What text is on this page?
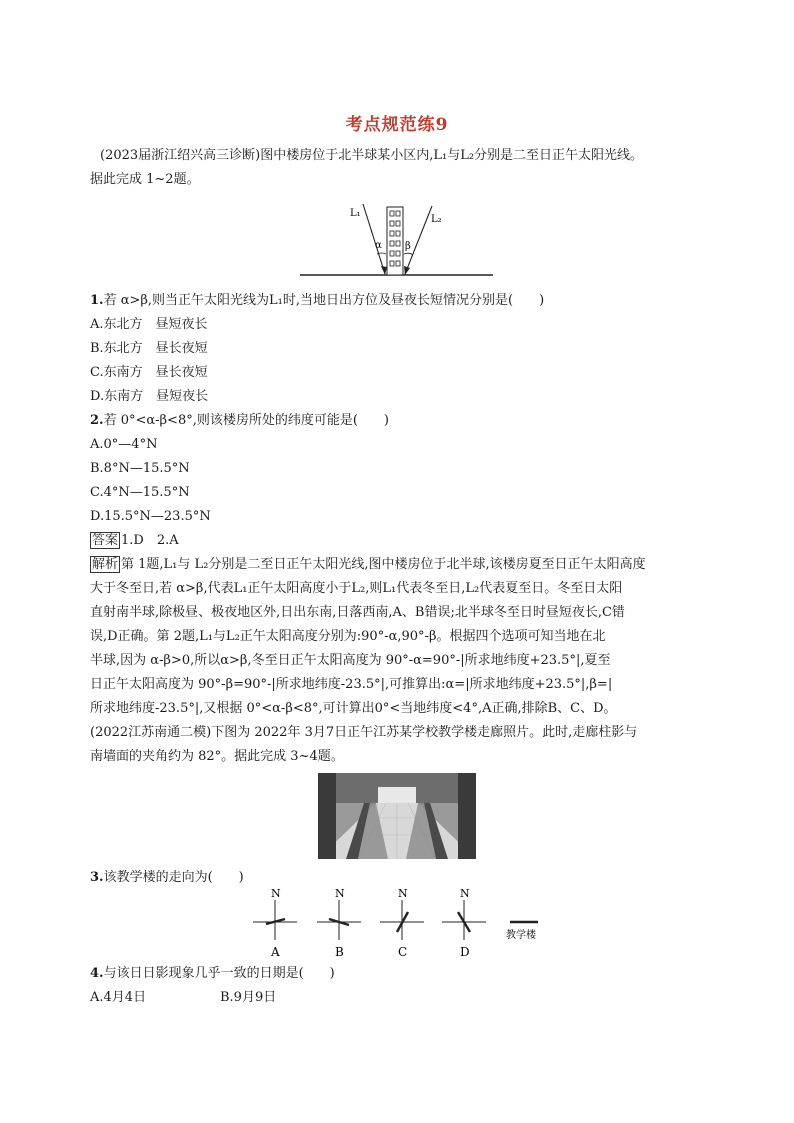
考点规范练9
(2023届浙江绍兴高三诊断)图中楼房位于北半球某小区内,L₁与L₂分别是二至日正午太阳光线。
据此完成 1~2题。
L₁
L₂
α β
1.若 α>β,则当正午太阳光线为L₁时,当地日出方位及昼夜长短情况分别是(　　)
A.东北方　昼短夜长
B.东北方　昼长夜短
C.东南方　昼长夜短
D.东南方　昼短夜长
2.若 0°<α-β<8°,则该楼房所处的纬度可能是(　　)
A.0°—4°N
B.8°N—15.5°N
C.4°N—15.5°N
D.15.5°N—23.5°N
答案 1.D　2.A
解析 第 1题,L₁与 L₂分别是二至日正午太阳光线,图中楼房位于北半球,该楼房夏至日正午太阳高度
大于冬至日,若 α>β,代表L₁正午太阳高度小于L₂,则L₁代表冬至日,L₂代表夏至日。冬至日太阳
直射南半球,除极昼、极夜地区外,日出东南,日落西南,A、B错误;北半球冬至日时昼短夜长,C错
误,D正确。第 2题,L₁与L₂正午太阳高度分别为:90°-α,90°-β。根据四个选项可知当地在北
半球,因为 α-β>0,所以α>β,冬至日正午太阳高度为 90°-α=90°-|所求地纬度+23.5°|,夏至
日正午太阳高度为 90°-β=90°-|所求地纬度-23.5°|,可推算出:α=|所求地纬度+23.5°|,β=|
所求地纬度-23.5°|,又根据 0°<α-β<8°,可计算出0°<当地纬度<4°,A正确,排除B、C、D。
(2022江苏南通二模)下图为 2022年 3月7日正午江苏某学校教学楼走廊照片。此时,走廊柱影与
南墙面的夹角约为 82°。据此完成 3~4题。
3.该教学楼的走向为(　　)
N	N	N	N
A	B	C	D
教学楼
4.与该日日影现象几乎一致的日期是(　　)
A.4月4日	B.9月9日
